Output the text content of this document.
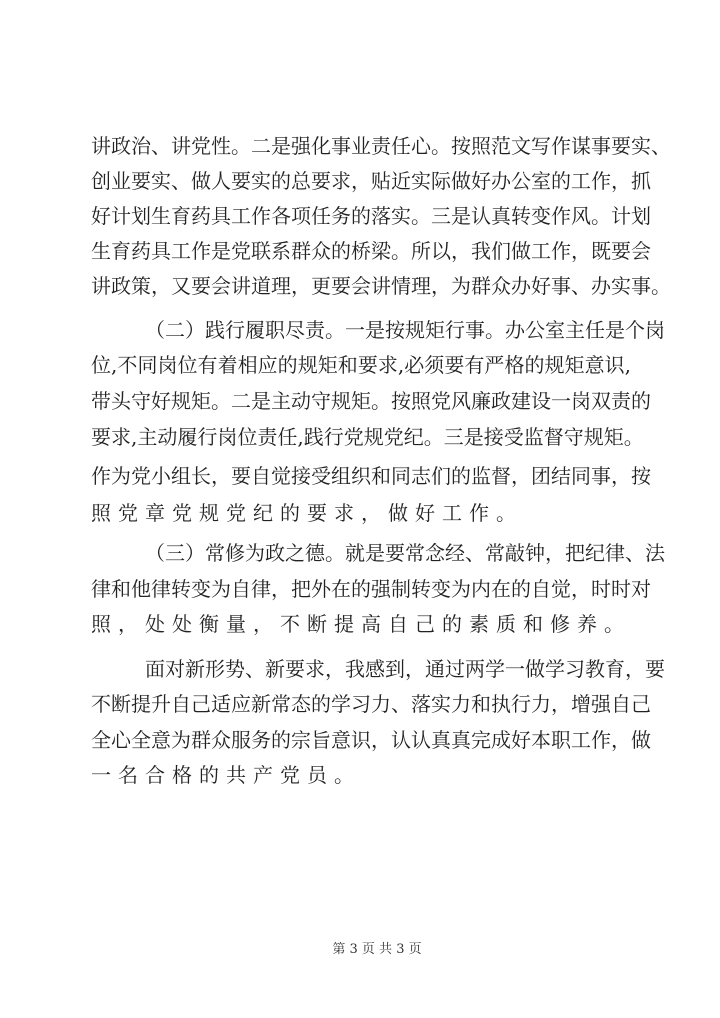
讲政治、讲党性。二是强化事业责任心。按照范文写作谋事要实、
创业要实、做人要实的总要求，贴近实际做好办公室的工作，抓
好计划生育药具工作各项任务的落实。三是认真转变作风。计划
生育药具工作是党联系群众的桥梁。所以，我们做工作，既要会
讲政策，又要会讲道理，更要会讲情理，为群众办好事、办实事。
（二）践行履职尽责。一是按规矩行事。办公室主任是个岗
位,不同岗位有着相应的规矩和要求,必须要有严格的规矩意识,
带头守好规矩。二是主动守规矩。按照党风廉政建设一岗双责的
要求,主动履行岗位责任,践行党规党纪。三是接受监督守规矩。
作为党小组长，要自觉接受组织和同志们的监督，团结同事，按
照党章党规党纪的要求，做好工作。
（三）常修为政之德。就是要常念经、常敲钟，把纪律、法
律和他律转变为自律，把外在的强制转变为内在的自觉，时时对
照，处处衡量，不断提高自己的素质和修养。
面对新形势、新要求，我感到，通过两学一做学习教育，要
不断提升自己适应新常态的学习力、落实力和执行力，增强自己
全心全意为群众服务的宗旨意识，认认真真完成好本职工作，做
一名合格的共产党员。
第 3 页 共 3 页
